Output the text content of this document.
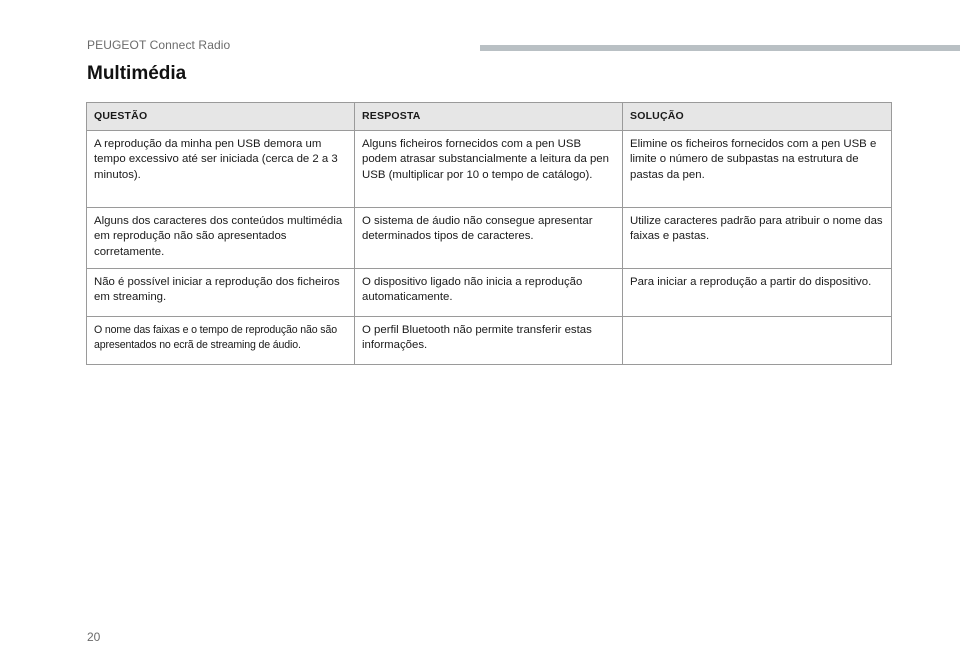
PEUGEOT Connect Radio
Multimédia
QUESTÃO	RESPOSTA	SOLUÇÃO
A reprodução da minha pen USB demora um tempo excessivo até ser iniciada (cerca de 2 a 3 minutos).	Alguns ficheiros fornecidos com a pen USB podem atrasar substancialmente a leitura da pen USB (multiplicar por 10 o tempo de catálogo).	Elimine os ficheiros fornecidos com a pen USB e limite o número de subpastas na estrutura de pastas da pen.
Alguns dos caracteres dos conteúdos multimédia em reprodução não são apresentados corretamente.	O sistema de áudio não consegue apresentar determinados tipos de caracteres.	Utilize caracteres padrão para atribuir o nome das faixas e pastas.
Não é possível iniciar a reprodução dos ficheiros em streaming.	O dispositivo ligado não inicia a reprodução automaticamente.	Para iniciar a reprodução a partir do dispositivo.
O nome das faixas e o tempo de reprodução não são apresentados no ecrã de streaming de áudio.	O perfil Bluetooth não permite transferir estas informações.	
20
